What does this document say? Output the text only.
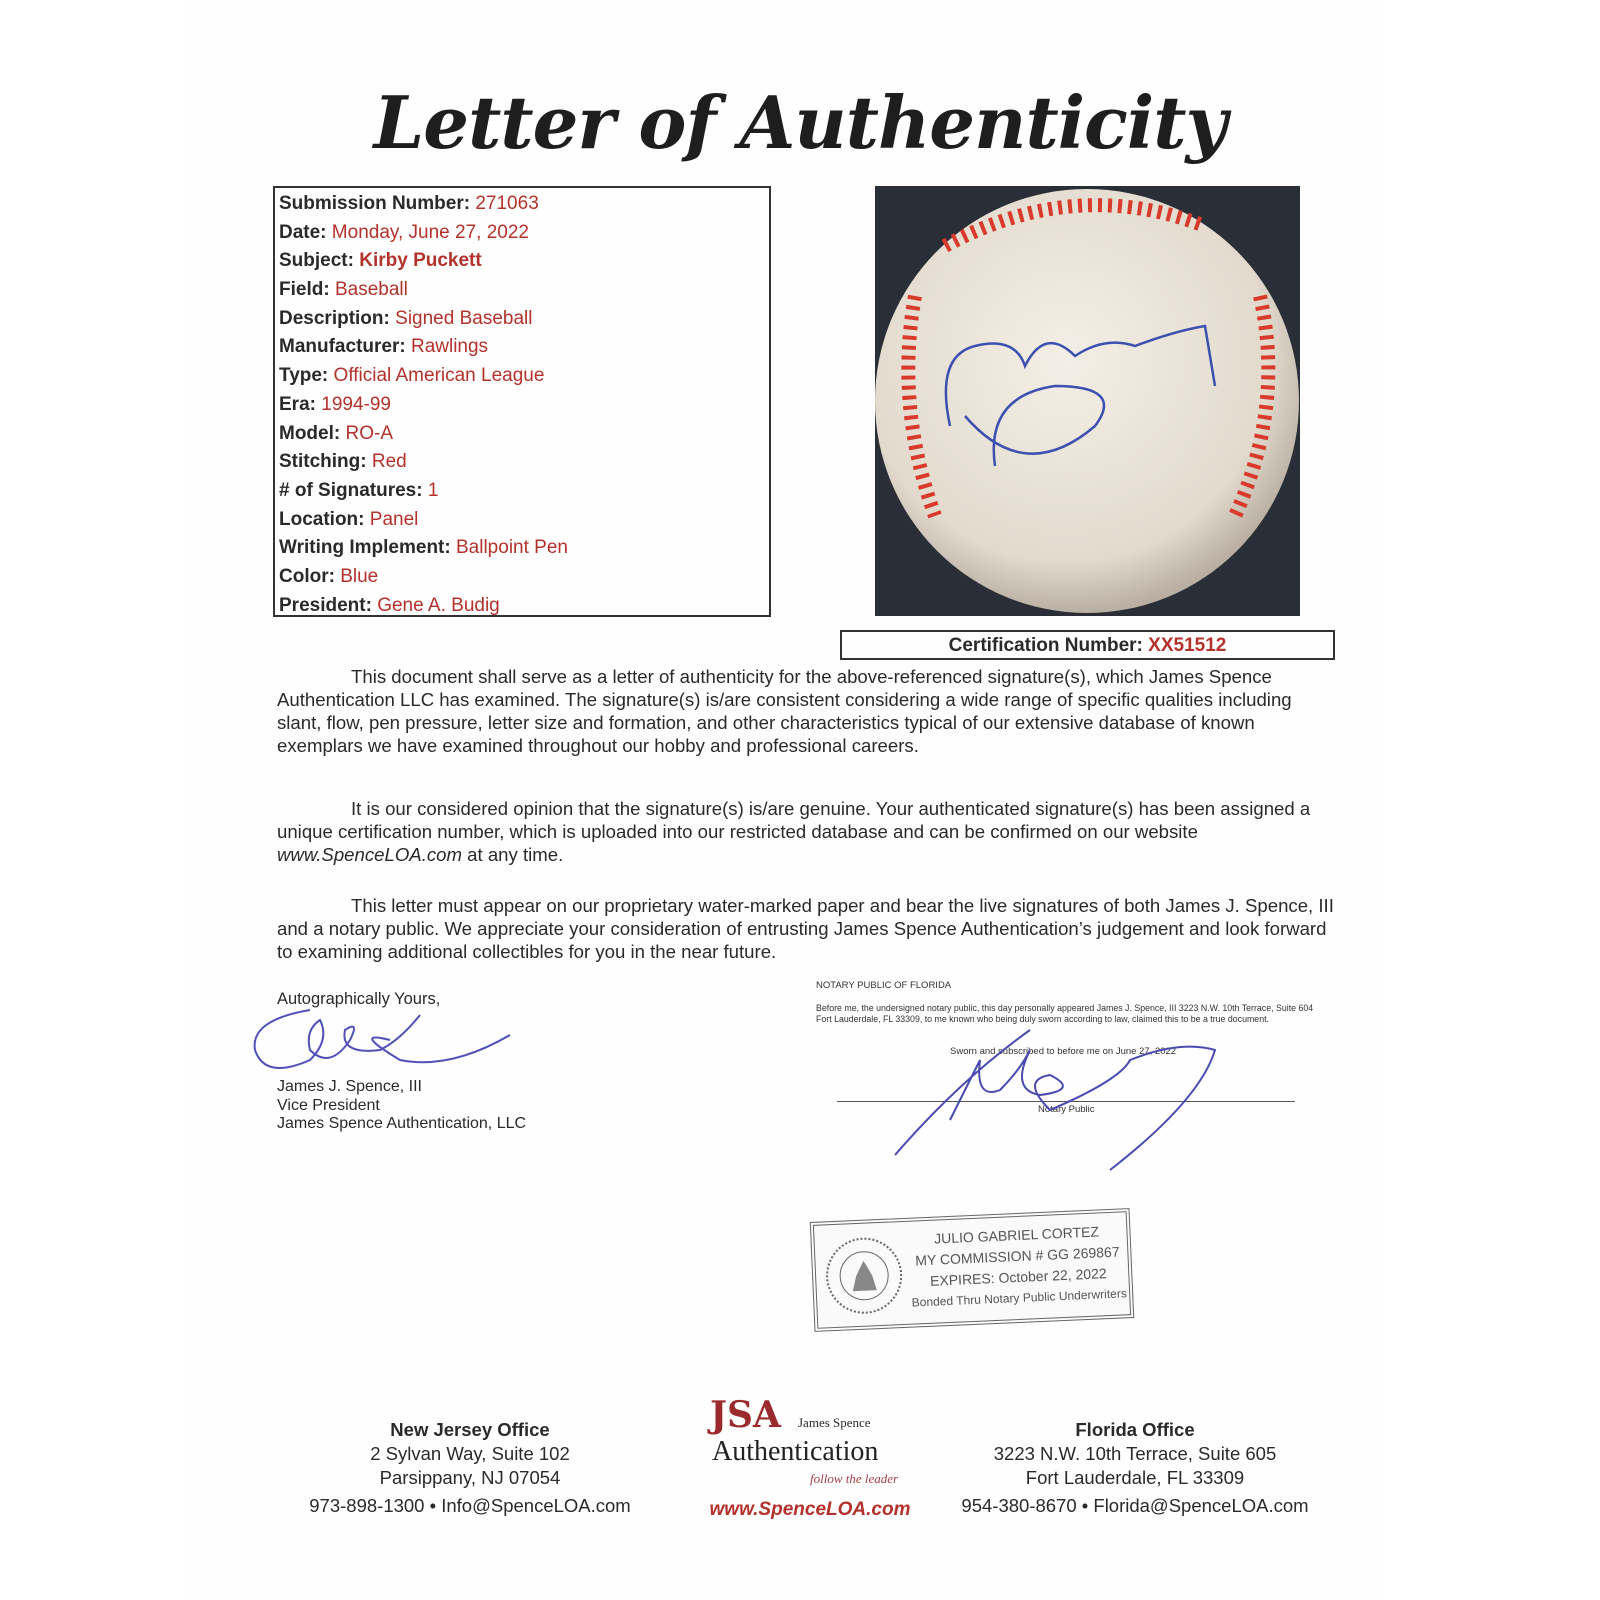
Letter of Authenticity
Submission Number: 271063
Date: Monday, June 27, 2022
Subject: Kirby Puckett
Field: Baseball
Description: Signed Baseball
Manufacturer: Rawlings
Type: Official American League
Era: 1994-99
Model: RO-A
Stitching: Red
# of Signatures: 1
Location: Panel
Writing Implement: Ballpoint Pen
Color: Blue
President: Gene A. Budig
Certification Number: XX51512
This document shall serve as a letter of authenticity for the above-referenced signature(s), which James Spence Authentication LLC has examined. The signature(s) is/are consistent considering a wide range of specific qualities including slant, flow, pen pressure, letter size and formation, and other characteristics typical of our extensive database of known exemplars we have examined throughout our hobby and professional careers.
It is our considered opinion that the signature(s) is/are genuine. Your authenticated signature(s) has been assigned a unique certification number, which is uploaded into our restricted database and can be confirmed on our website www.SpenceLOA.com at any time.
This letter must appear on our proprietary water-marked paper and bear the live signatures of both James J. Spence, III and a notary public. We appreciate your consideration of entrusting James Spence Authentication’s judgement and look forward to examining additional collectibles for you in the near future.
Autographically Yours,
James J. Spence, III
Vice President
James Spence Authentication, LLC
NOTARY PUBLIC OF FLORIDA
Before me, the undersigned notary public, this day personally appeared James J. Spence, III 3223 N.W. 10th Terrace, Suite 604 Fort Lauderdale, FL 33309, to me known who being duly sworn according to law, claimed this to be a true document.
Sworn and subscribed to before me on June 27, 2022
Notary Public
JULIO GABRIEL CORTEZ
MY COMMISSION # GG 269867
EXPIRES: October 22, 2022
Bonded Thru Notary Public Underwriters
New Jersey Office
2 Sylvan Way, Suite 102
Parsippany, NJ 07054
973-898-1300 • Info@SpenceLOA.com
JSA James Spence
Authentication
follow the leader
www.SpenceLOA.com
Florida Office
3223 N.W. 10th Terrace, Suite 605
Fort Lauderdale, FL 33309
954-380-8670 • Florida@SpenceLOA.com
